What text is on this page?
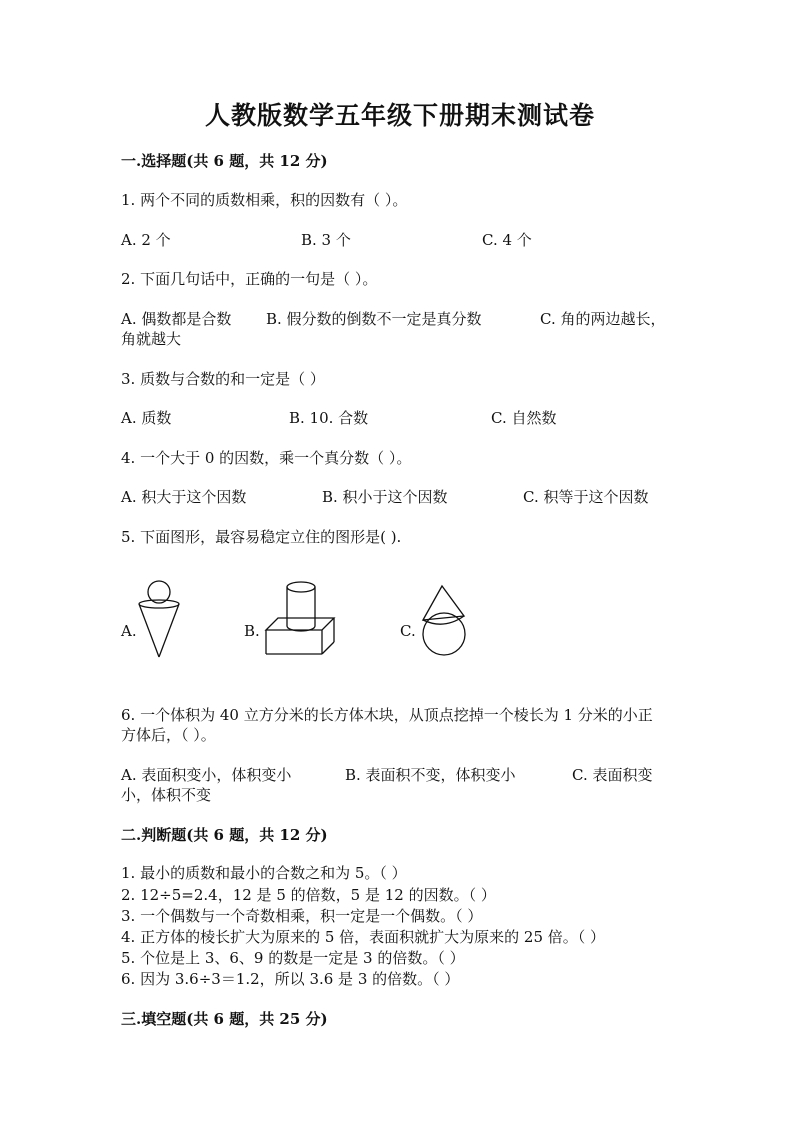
人教版数学五年级下册期末测试卷
一.选择题(共 6 题，共 12 分)
1. 两个不同的质数相乘，积的因数有（ ）。
A. 2 个	B. 3 个	C. 4 个
2. 下面几句话中，正确的一句是（ ）。
A. 偶数都是合数 B. 假分数的倒数不一定是真分数	C. 角的两边越长，
角就越大
3. 质数与合数的和一定是（ ）
A. 质数	B. 10. 合数	C. 自然数
4. 一个大于 0 的因数，乘一个真分数（ ）。
A. 积大于这个因数	B. 积小于这个因数	C. 积等于这个因数
5. 下面图形，最容易稳定立住的图形是( ).
A.	B.	C.
6. 一个体积为 40 立方分米的长方体木块，从顶点挖掉一个棱长为 1 分米的小正
方体后，（ ）。
A. 表面积变小，体积变小	B. 表面积不变，体积变小	C. 表面积变
小，体积不变
二.判断题(共 6 题，共 12 分)
1. 最小的质数和最小的合数之和为 5。（ ）
2. 12÷5=2.4，12 是 5 的倍数，5 是 12 的因数。（ ）
3. 一个偶数与一个奇数相乘，积一定是一个偶数。（ ）
4. 正方体的棱长扩大为原来的 5 倍，表面积就扩大为原来的 25 倍。（ ）
5. 个位是上 3、6、9 的数是一定是 3 的倍数。（ ）
6. 因为 3.6÷3＝1.2，所以 3.6 是 3 的倍数。（ ）
三.填空题(共 6 题，共 25 分)
